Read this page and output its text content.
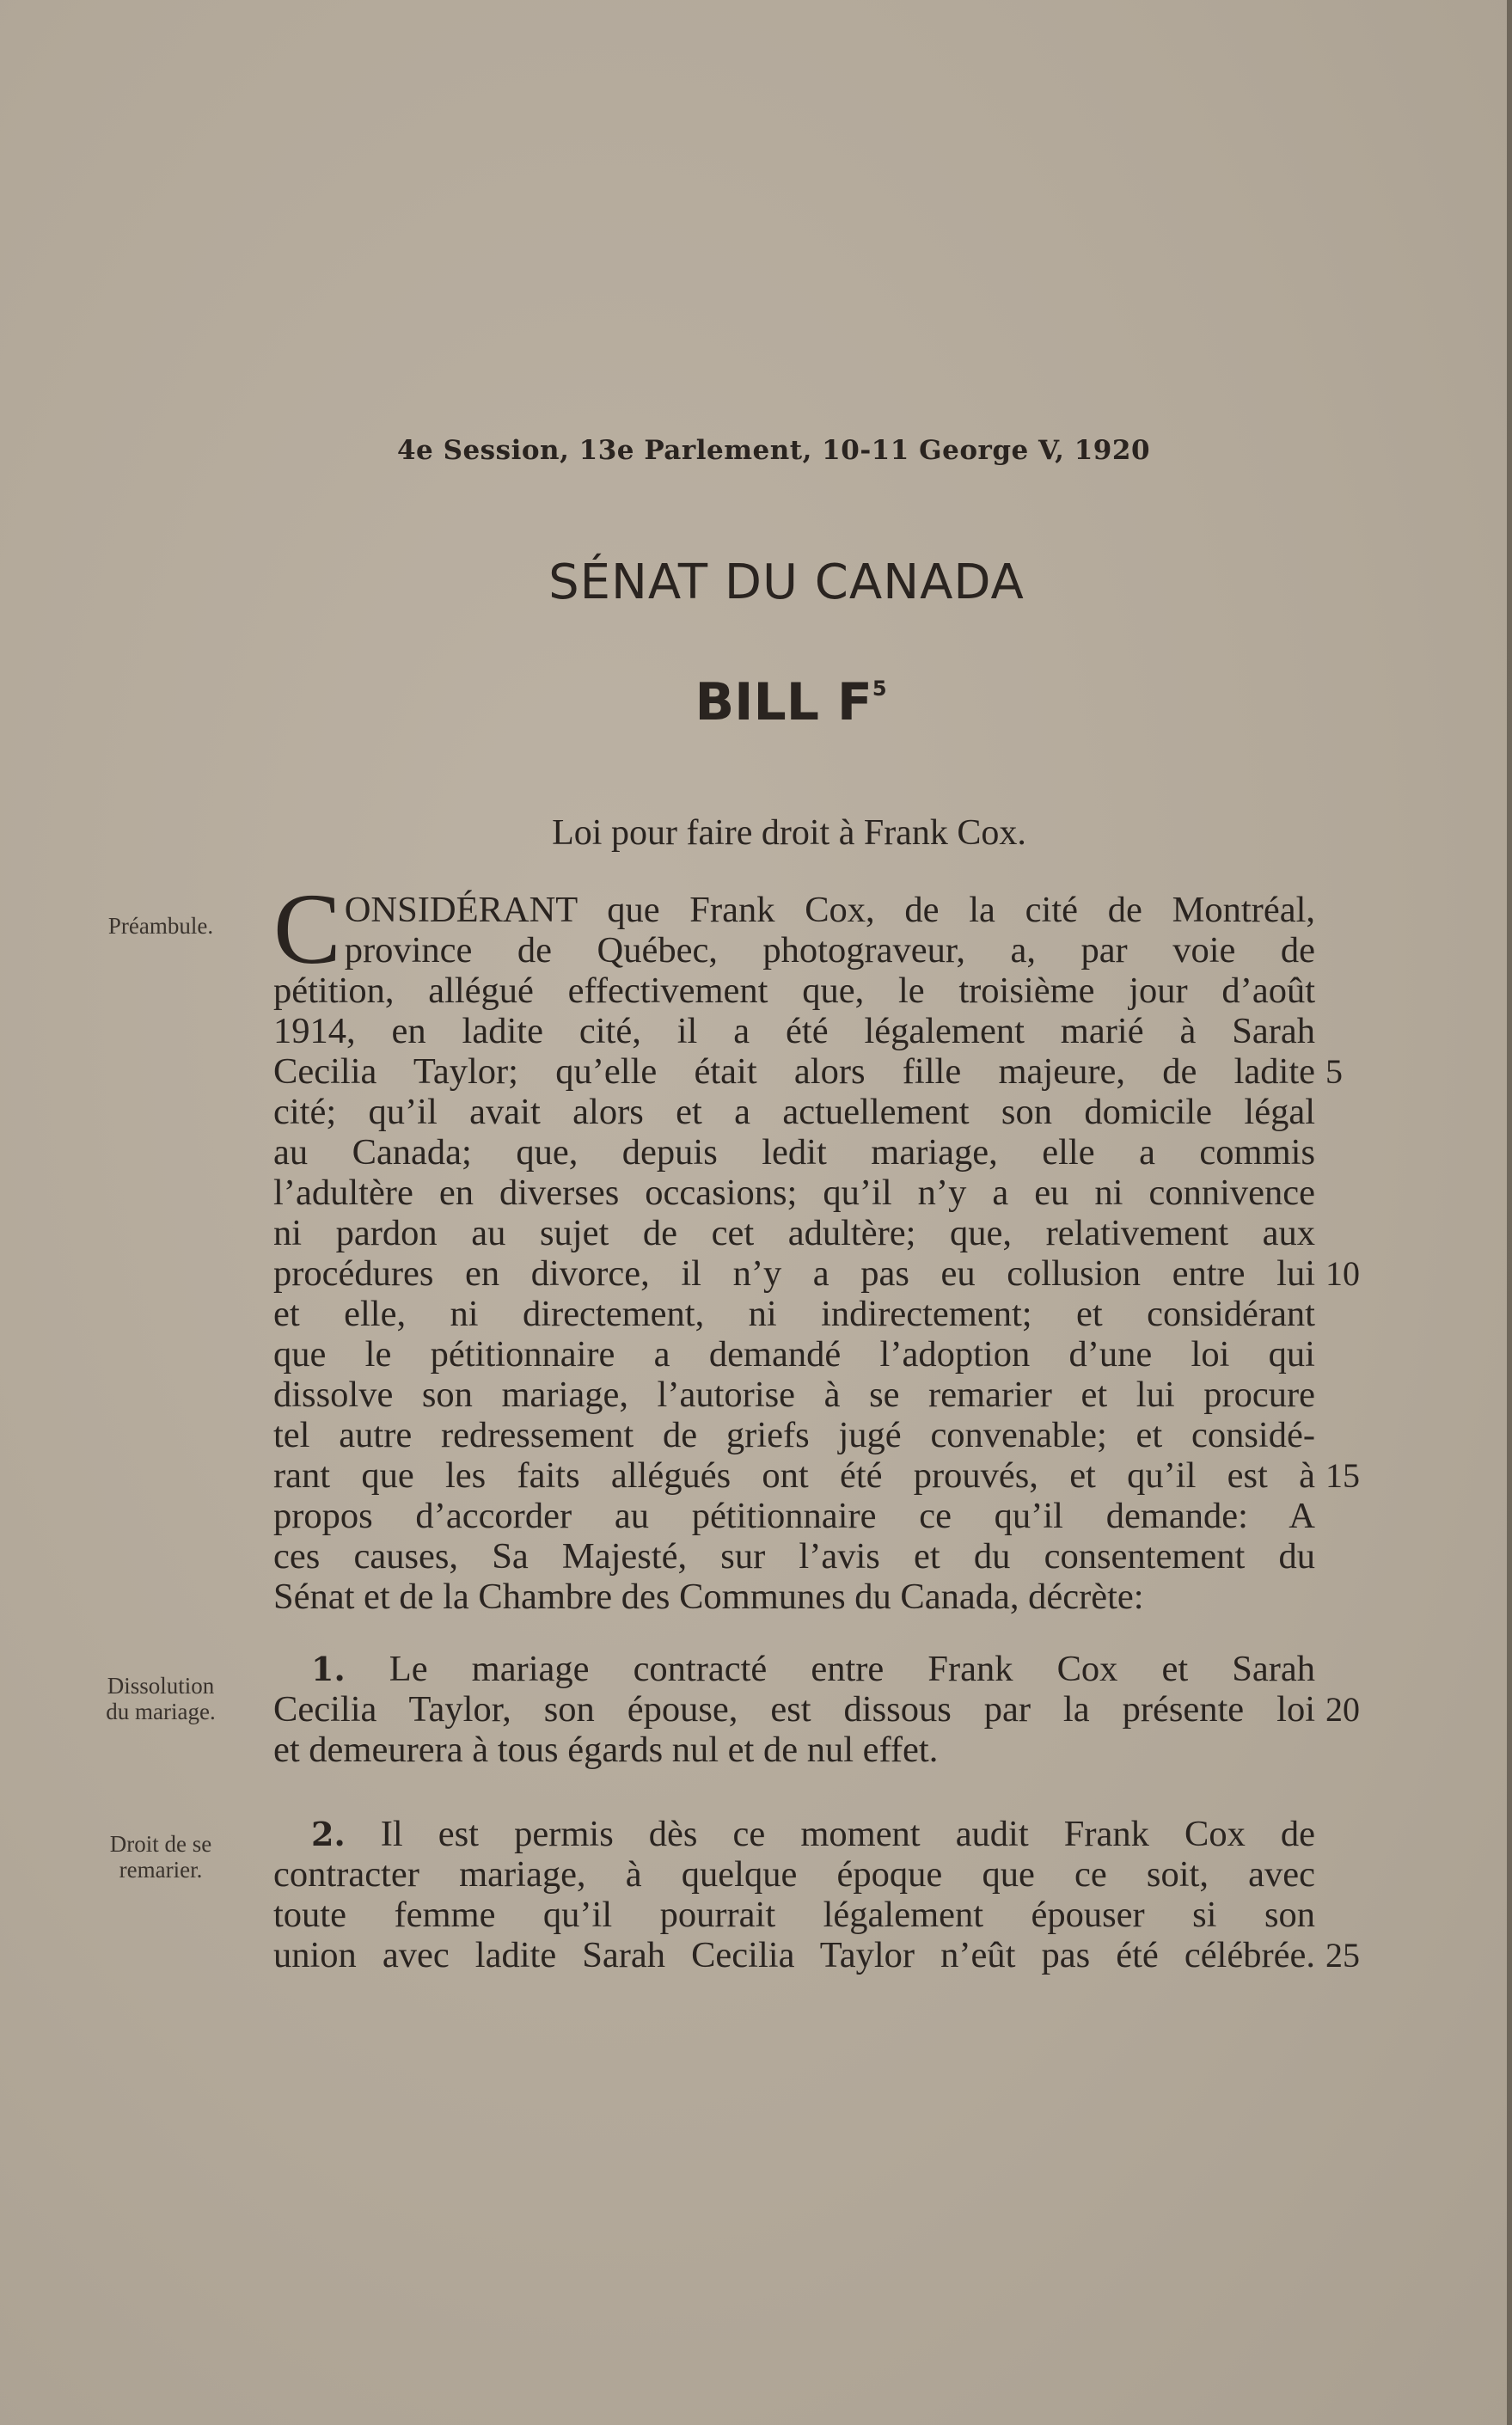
4e Session, 13e Parlement, 10-11 George V, 1920
SÉNAT DU CANADA
BILL $F^5$
Loi pour faire droit à Frank Cox.
Préambule.
Dissolution
du mariage.
Droit de se
remarier.
C ONSIDÉRANT que Frank Cox, de la cité de Montréal,
province de Québec, photograveur, a, par voie de
pétition, allégué effectivement que, le troisième jour d’août
1914, en ladite cité, il a été légalement marié à Sarah
Cecilia Taylor; qu’elle était alors fille majeure, de ladite
cité; qu’il avait alors et a actuellement son domicile légal
au Canada; que, depuis ledit mariage, elle a commis
l’adultère en diverses occasions; qu’il n’y a eu ni connivence
ni pardon au sujet de cet adultère; que, relativement aux
procédures en divorce, il n’y a pas eu collusion entre lui
et elle, ni directement, ni indirectement; et considérant
que le pétitionnaire a demandé l’adoption d’une loi qui
dissolve son mariage, l’autorise à se remarier et lui procure
tel autre redressement de griefs jugé convenable; et considé-
rant que les faits allégués ont été prouvés, et qu’il est à
propos d’accorder au pétitionnaire ce qu’il demande: A
ces causes, Sa Majesté, sur l’avis et du consentement du
Sénat et de la Chambre des Communes du Canada, décrète:
1. Le mariage contracté entre Frank Cox et Sarah
Cecilia Taylor, son épouse, est dissous par la présente loi
et demeurera à tous égards nul et de nul effet.
2. Il est permis dès ce moment audit Frank Cox de
contracter mariage, à quelque époque que ce soit, avec
toute femme qu’il pourrait légalement épouser si son
union avec ladite Sarah Cecilia Taylor n’eût pas été célébrée.
5
10
15
20
25
